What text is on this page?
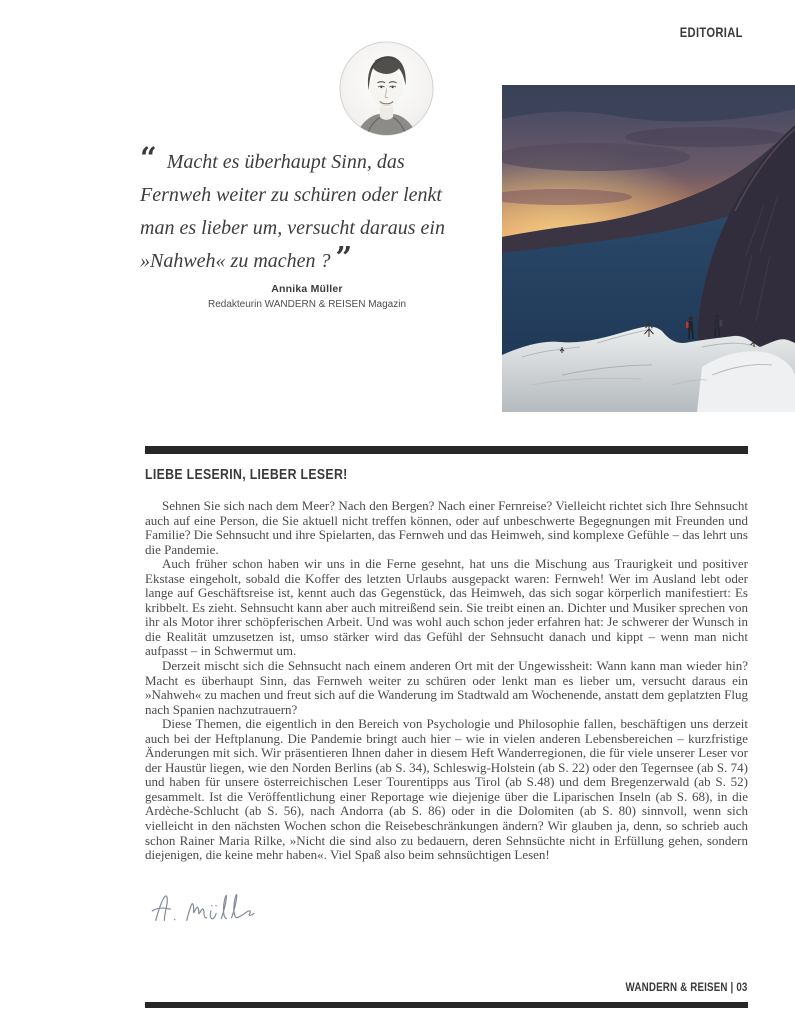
EDITORIAL
“ Macht es überhaupt Sinn, das Fernweh weiter zu schüren oder lenkt man es lieber um, versucht daraus ein »Nahweh« zu machen ? ”
Annika Müller
Redakteurin WANDERN & REISEN Magazin
LIEBE LESERIN, LIEBER LESER!

Sehnen Sie sich nach dem Meer? Nach den Bergen? Nach einer Fernreise? Vielleicht richtet sich Ihre Sehnsucht auch auf eine Person, die Sie aktuell nicht treffen können, oder auf unbeschwerte Begegnungen mit Freunden und Familie? Die Sehnsucht und ihre Spielarten, das Fernweh und das Heimweh, sind komplexe Gefühle – das lehrt uns die Pandemie.

Auch früher schon haben wir uns in die Ferne gesehnt, hat uns die Mischung aus Traurigkeit und positiver Ekstase eingeholt, sobald die Koffer des letzten Urlaubs ausgepackt waren: Fernweh! Wer im Ausland lebt oder lange auf Geschäftsreise ist, kennt auch das Gegenstück, das Heimweh, das sich sogar körperlich manifestiert: Es kribbelt. Es zieht. Sehnsucht kann aber auch mitreißend sein. Sie treibt einen an. Dichter und Musiker sprechen von ihr als Motor ihrer schöpferischen Arbeit. Und was wohl auch schon jeder erfahren hat: Je schwerer der Wunsch in die Realität umzusetzen ist, umso stärker wird das Gefühl der Sehnsucht danach und kippt – wenn man nicht aufpasst – in Schwermut um.

Derzeit mischt sich die Sehnsucht nach einem anderen Ort mit der Ungewissheit: Wann kann man wieder hin? Macht es überhaupt Sinn, das Fernweh weiter zu schüren oder lenkt man es lieber um, versucht daraus ein »Nahweh« zu machen und freut sich auf die Wanderung im Stadtwald am Wochenende, anstatt dem geplatzten Flug nach Spanien nachzutrauern?

Diese Themen, die eigentlich in den Bereich von Psychologie und Philosophie fallen, beschäftigen uns derzeit auch bei der Heftplanung. Die Pandemie bringt auch hier – wie in vielen anderen Lebensbereichen – kurzfristige Änderungen mit sich. Wir präsentieren Ihnen daher in diesem Heft Wanderregionen, die für viele unserer Leser vor der Haustür liegen, wie den Norden Berlins (ab S. 34), Schleswig-Holstein (ab S. 22) oder den Tegernsee (ab S. 74) und haben für unsere österreichischen Leser Tourentipps aus Tirol (ab S.48) und dem Bregenzerwald (ab S. 52) gesammelt. Ist die Veröffentlichung einer Reportage wie diejenige über die Liparischen Inseln (ab S. 68), in die Ardèche-Schlucht (ab S. 56), nach Andorra (ab S. 86) oder in die Dolomiten (ab S. 80) sinnvoll, wenn sich vielleicht in den nächsten Wochen schon die Reisebeschränkungen ändern? Wir glauben ja, denn, so schrieb auch schon Rainer Maria Rilke, »Nicht die sind also zu bedauern, deren Sehnsüchte nicht in Erfüllung gehen, sondern diejenigen, die keine mehr haben«. Viel Spaß also beim sehnsüchtigen Lesen!

WANDERN & REISEN | 03
